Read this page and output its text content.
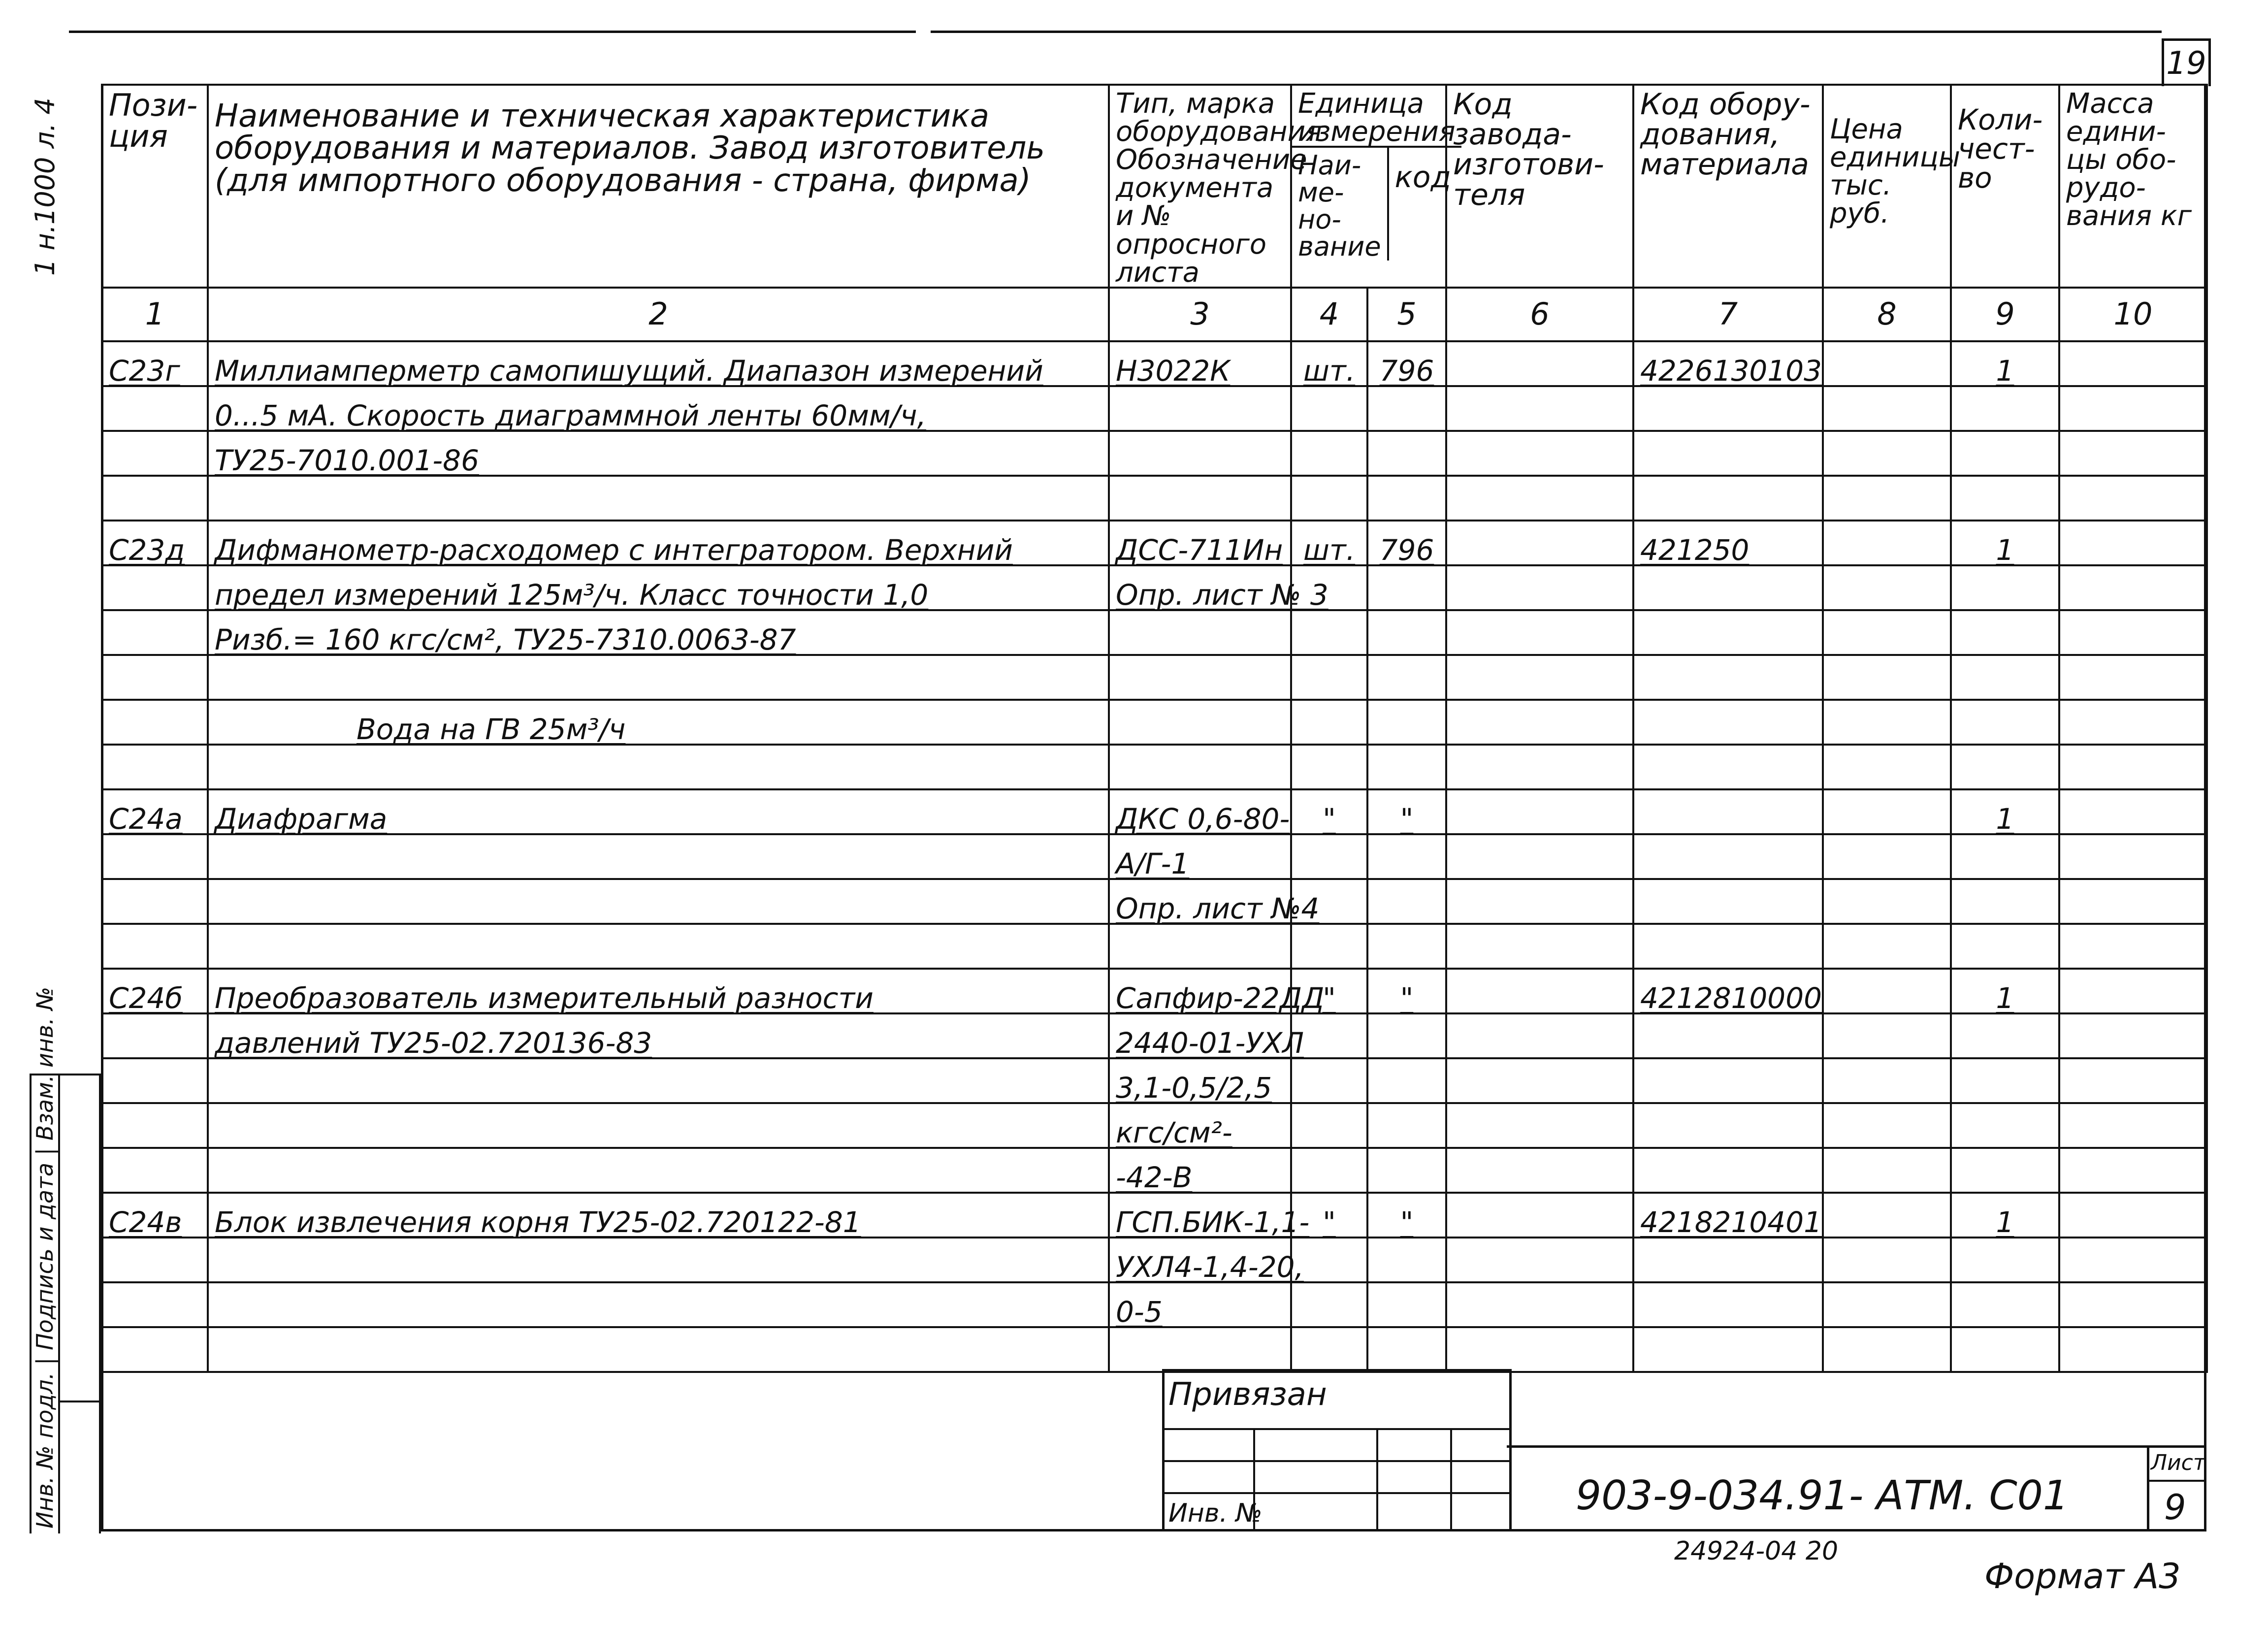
19
1 н.1000 л. 4
Инв. № подл. | Подпись и дата | Взам. инв. №
Пози-ция	Наименование и техническая характеристика оборудования и материалов. Завод изготовитель (для импортного оборудования - страна, фирма)	Тип, марка оборудования Обозначение документа и № опросного листа	
Единица измерения
Наи-ме-но-вание	код
	Код завода-изготови-теля	Код обору-дования, материала	Цена единицы тыс. руб.	Коли-чест-во	Масса едини-цы обо-рудо-вания кг
1	2	3	4	5	6	7	8	9	10
С23г	Миллиамперметр самопишущий. Диапазон измерений	Н3022К	шт.	796		4226130103		1	
	0...5 мА. Скорость диаграммной ленты 60мм/ч,								
	ТУ25-7010.001-86								

С23д	Дифманометр-расходомер с интегратором. Верхний	ДСС-711Ин	шт.	796		421250		1	
	предел измерений 125м³/ч. Класс точности 1,0	Опр. лист № 3							
	Ризб.= 160 кгс/см², ТУ25-7310.0063-87								

	Вода на ГВ 25м³/ч								

С24а	Диафрагма	ДКС 0,6-80-	"	"				1	
		А/Г-1							
		Опр. лист №4							

С24б	Преобразователь измерительный разности	Сапфир-22ДД	"	"		4212810000		1	
	давлений ТУ25-02.720136-83	2440-01-УХЛ							
		3,1-0,5/2,5							
		кгс/см²-							
		-42-В							
С24в	Блок извлечения корня ТУ25-02.720122-81	ГСП.БИК-1,1-	"	"		4218210401		1	
		УХЛ4-1,4-20,							
		0-5							

Привязан
Инв. №	903-9-034.91- АТМ. С01
Лист
9
24924-04 20
Формат А3
